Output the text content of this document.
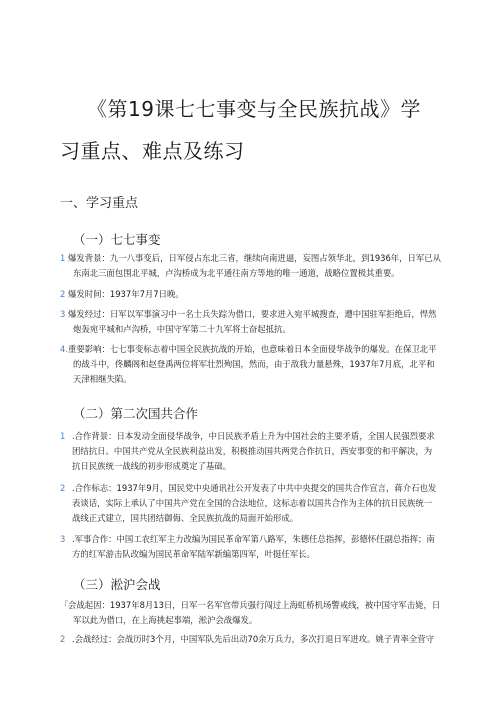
《第19课七七事变与全民族抗战》学
习重点、难点及练习
一、学习重点
（一）七七事变
1 爆发背景：九一八事变后，日军侵占东北三省，继续向南进逼，妄图占领华北，到1936年，日军已从
东南北三面包围北平城，卢沟桥成为北平通往南方等地的唯一通道，战略位置极其重要。
2 爆发时间：1937年7月7日晚。
3 爆发经过：日军以军事演习中一名士兵失踪为借口，要求进入宛平城搜查，遭中国驻军拒绝后，悍然
炮轰宛平城和卢沟桥，中国守军第二十九军将士奋起抵抗。
4. 重要影响：七七事变标志着中国全民族抗战的开始，也意味着日本全面侵华战争的爆发。在保卫北平
的战斗中，佟麟阁和赵登禹两位将军壮烈殉国，然而，由于敌我力量悬殊，1937年7月底，北平和
天津相继失陷。
（二）第二次国共合作
1 .合作背景：日本发动全面侵华战争，中日民族矛盾上升为中国社会的主要矛盾，全国人民强烈要求
团结抗日。中国共产党从全民族利益出发，积极推动国共两党合作抗日，西安事变的和平解决，为
抗日民族统一战线的初步形成奠定了基础。
2 .合作标志：1937年9月，国民党中央通讯社公开发表了中共中央提交的国共合作宣言，蒋介石也发
表谈话，实际上承认了中国共产党在全国的合法地位，这标志着以国共合作为主体的抗日民族统一
战线正式建立，国共团结御侮、全民族抗战的局面开始形成。
3 .军事合作：中国工农红军主力改编为国民革命军第八路军，朱德任总指挥，彭德怀任副总指挥；南
方的红军游击队改编为国民革命军陆军新编第四军，叶挺任军长。
（三）淞沪会战
「 会战起因：1937年8月13日，日军一名军官带兵强行闯过上海虹桥机场警戒线，被中国守军击毙，日
军以此为借口，在上海挑起事端，淞沪会战爆发。
2 .会战经过：会战历时3个月，中国军队先后出动70余万兵力，多次打退日军进攻。姚子青率全营守
